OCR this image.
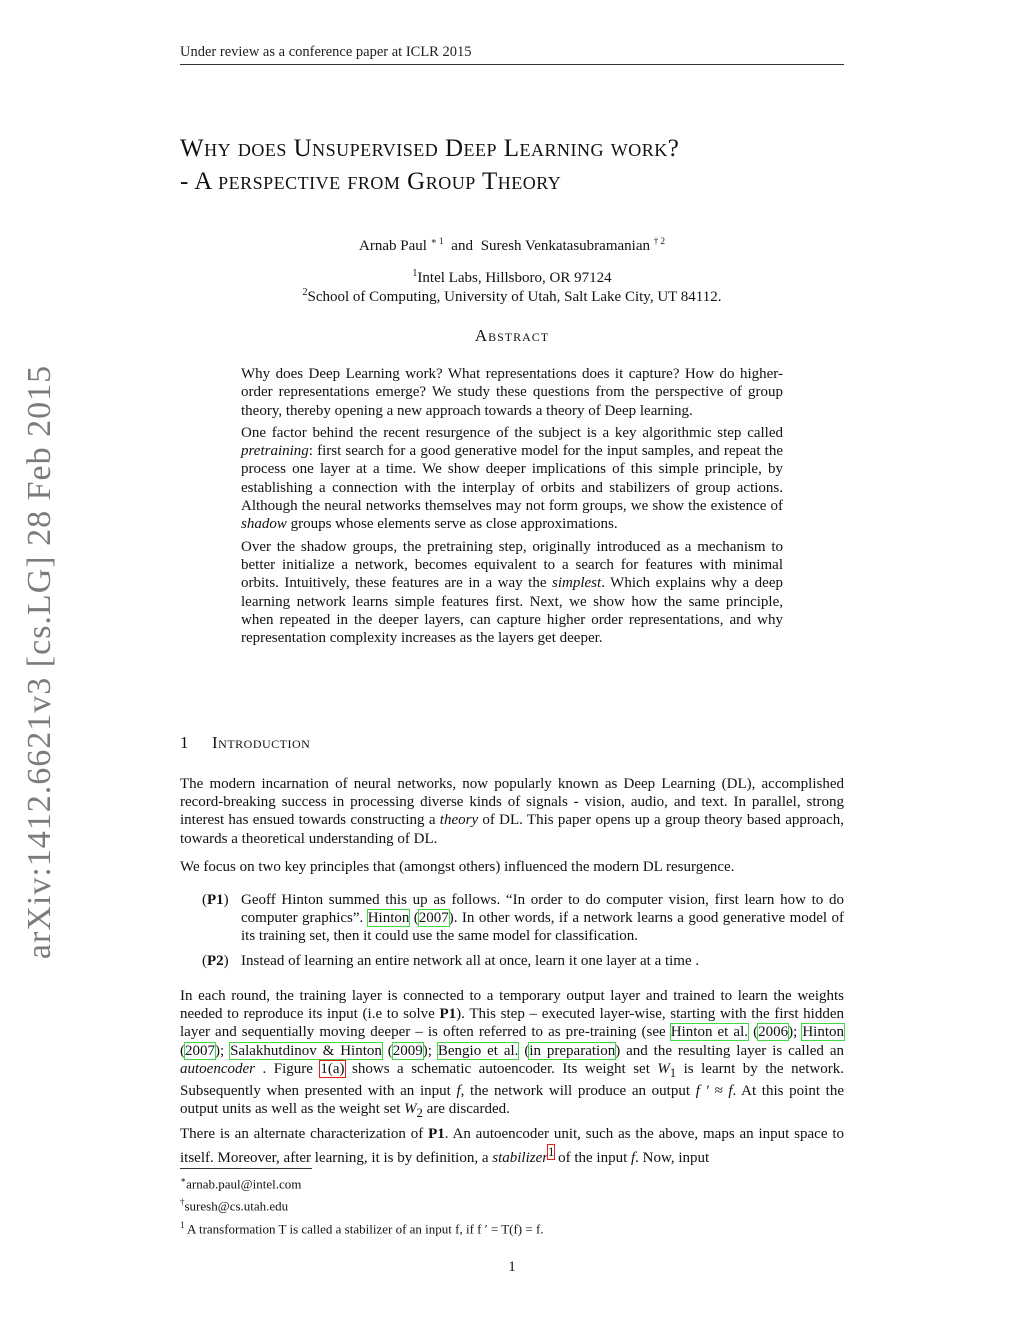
Under review as a conference paper at ICLR 2015
arXiv:1412.6621v3 [cs.LG] 28 Feb 2015
Why does Unsupervised Deep Learning work?
- A perspective from Group Theory
Arnab Paul $^{∗ 1}$ and Suresh Venkatasubramanian $^{\dagger 2}$
$^1$Intel Labs, Hillsboro, OR 97124
$^2$School of Computing, University of Utah, Salt Lake City, UT 84112.
Abstract

Why does Deep Learning work? What representations does it capture? How do higher-order representations emerge? We study these questions from the perspective of group theory, thereby opening a new approach towards a theory of Deep learning.

One factor behind the recent resurgence of the subject is a key algorithmic step called pretraining: first search for a good generative model for the input samples, and repeat the process one layer at a time. We show deeper implications of this simple principle, by establishing a connection with the interplay of orbits and stabilizers of group actions. Although the neural networks themselves may not form groups, we show the existence of shadow groups whose elements serve as close approximations.

Over the shadow groups, the pretraining step, originally introduced as a mechanism to better initialize a network, becomes equivalent to a search for features with minimal orbits. Intuitively, these features are in a way the simplest. Which explains why a deep learning network learns simple features first. Next, we show how the same principle, when repeated in the deeper layers, can capture higher order representations, and why representation complexity increases as the layers get deeper.

1 Introduction

The modern incarnation of neural networks, now popularly known as Deep Learning (DL), accomplished record-breaking success in processing diverse kinds of signals - vision, audio, and text. In parallel, strong interest has ensued towards constructing a theory of DL. This paper opens up a group theory based approach, towards a theoretical understanding of DL.

We focus on two key principles that (amongst others) influenced the modern DL resurgence.

(P1) Geoff Hinton summed this up as follows. “In order to do computer vision, first learn how to do computer graphics”. Hinton (2007). In other words, if a network learns a good generative model of its training set, then it could use the same model for classification.
(P2) Instead of learning an entire network all at once, learn it one layer at a time .

In each round, the training layer is connected to a temporary output layer and trained to learn the weights needed to reproduce its input (i.e to solve P1). This step – executed layer-wise, starting with the first hidden layer and sequentially moving deeper – is often referred to as pre-training (see Hinton et al. (2006); Hinton (2007); Salakhutdinov & Hinton (2009); Bengio et al. (in preparation) and the resulting layer is called an autoencoder . Figure 1(a) shows a schematic autoencoder. Its weight set $W_1$ is learnt by the network. Subsequently when presented with an input f, the network will produce an output f ′ ≈ f. At this point the output units as well as the weight set $W_2$ are discarded.

There is an alternate characterization of P1. An autoencoder unit, such as the above, maps an input space to itself. Moreover, after learning, it is by definition, a stabilizer$^1$ of the input f. Now, input

∗arnab.paul@intel.com
†suresh@cs.utah.edu
$^1$ A transformation T is called a stabilizer of an input f, if f ′ = T(f) = f.
1
